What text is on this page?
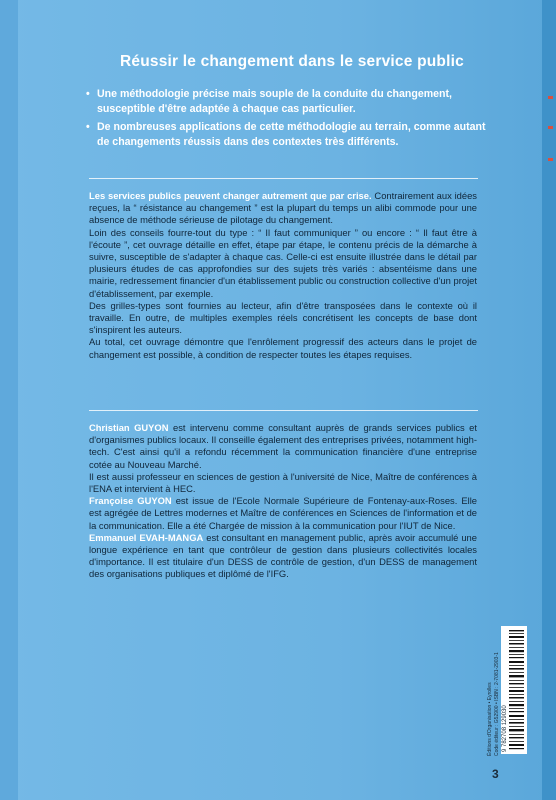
Réussir le changement dans le service public
• Une méthodologie précise mais souple de la conduite du changement, susceptible d'être adaptée à chaque cas particulier.
• De nombreuses applications de cette méthodologie au terrain, comme autant de changements réussis dans des contextes très différents.

Les services publics peuvent changer autrement que par crise. Contrairement aux idées reçues, la “ résistance au changement ” est la plupart du temps un alibi commode pour une absence de méthode sérieuse de pilotage du changement.

Loin des conseils fourre-tout du type : “ Il faut communiquer ” ou encore : “ Il faut être à l'écoute ”, cet ouvrage détaille en effet, étape par étape, le contenu précis de la démarche à suivre, susceptible de s'adapter à chaque cas. Celle-ci est ensuite illustrée dans le détail par plusieurs études de cas approfondies sur des sujets très variés : absentéisme dans une mairie, redressement financier d'un établissement public ou construction collective d'un projet d'établissement, par exemple.

Des grilles-types sont fournies au lecteur, afin d'être transposées dans le contexte où il travaille. En outre, de multiples exemples réels concrétisent les concepts de base dont s'inspirent les auteurs.

Au total, cet ouvrage démontre que l'enrôlement progressif des acteurs dans le projet de changement est possible, à condition de respecter toutes les étapes requises.

Christian GUYON est intervenu comme consultant auprès de grands services publics et d'organismes publics locaux. Il conseille également des entreprises privées, notamment high-tech. C'est ainsi qu'il a refondu récemment la communication financière d'une entreprise cotée au Nouveau Marché.

Il est aussi professeur en sciences de gestion à l'université de Nice, Maître de conférences à l'ENA et intervient à HEC.

Françoise GUYON est issue de l'Ecole Normale Supérieure de Fontenay-aux-Roses. Elle est agrégée de Lettres modernes et Maître de conférences en Sciences de l'information et de la communication. Elle a été Chargée de mission à la communication pour l'IUT de Nice.

Emmanuel EVAH-MANGA est consultant en management public, après avoir accumulé une longue expérience en tant que contrôleur de gestion dans plusieurs collectivités locales d'importance. Il est titulaire d'un DESS de contrôle de gestion, d'un DESS de management des organisations publiques et diplômé de l'IFG.

Éditions d'Organisation • Eyrolles Code éditeur : G52900 • ISBN : 2-7081-2903-1 9 782708 129030
3
